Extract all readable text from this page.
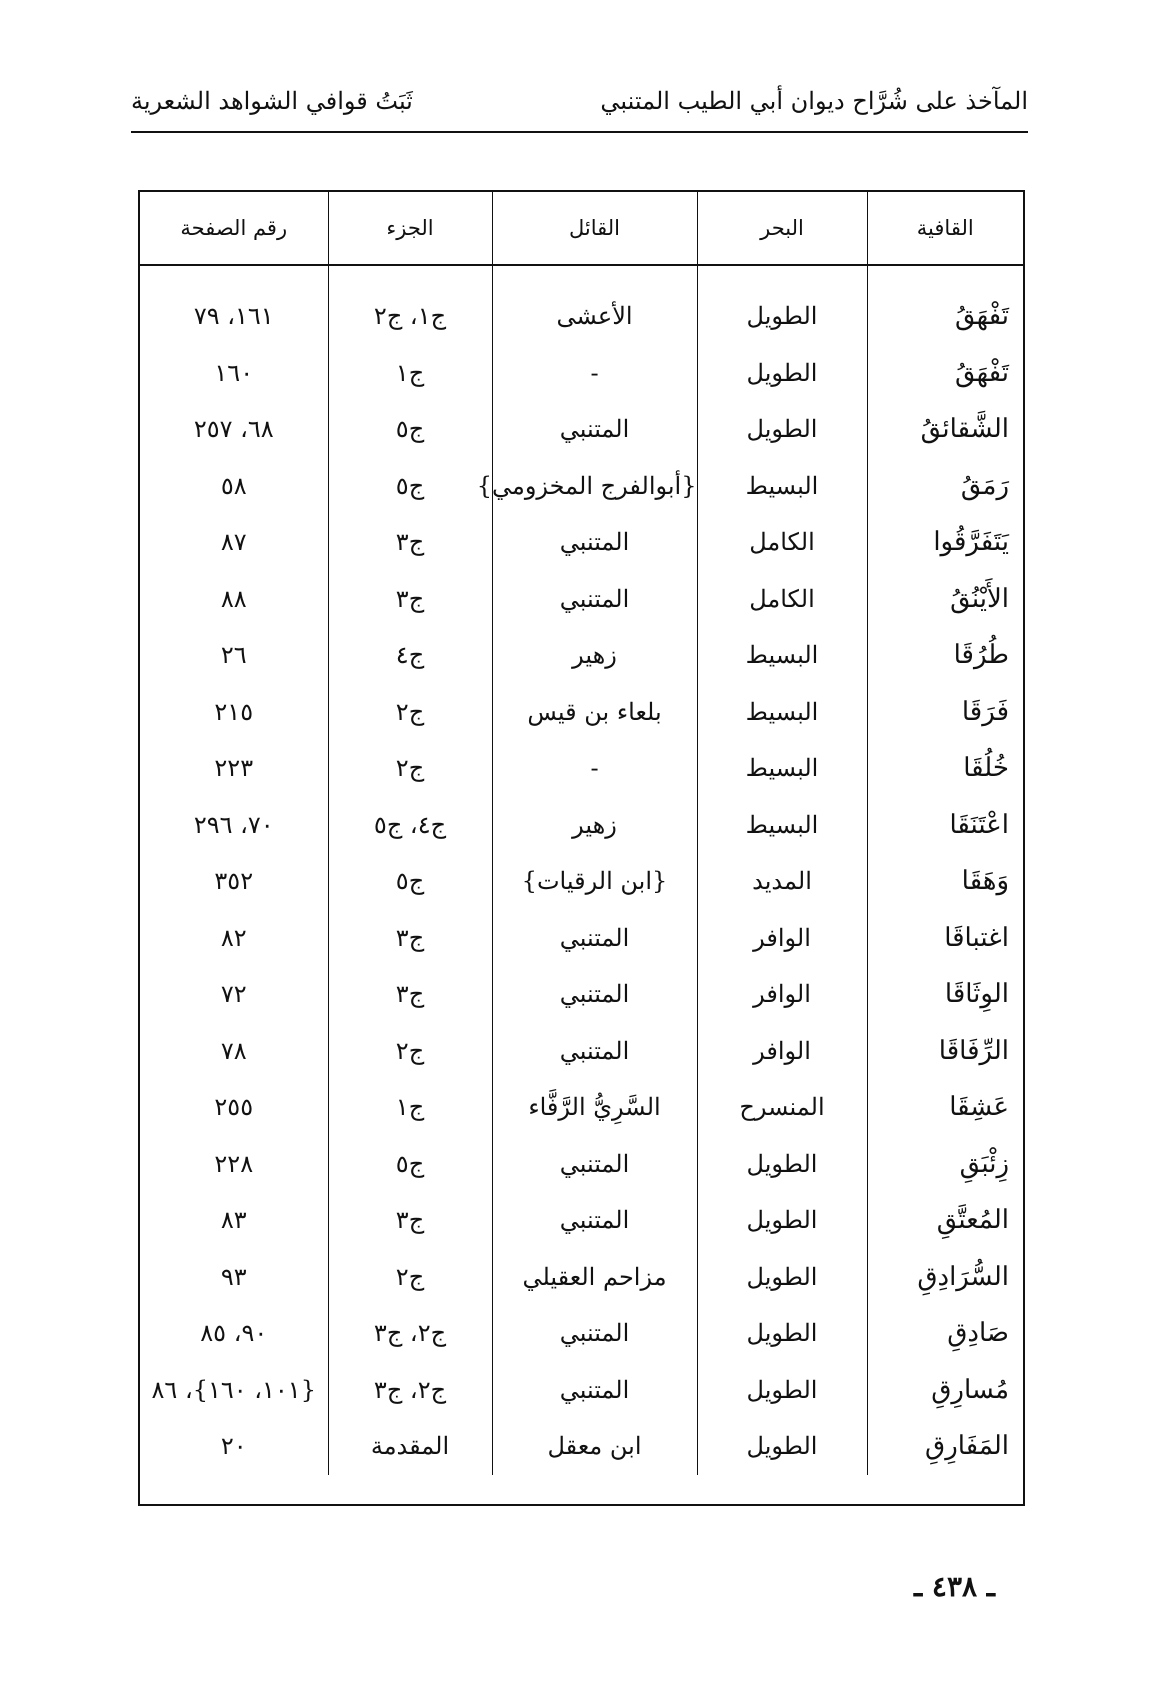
المآخذ على شُرَّاح ديوان أبي الطيب المتنبي
ثَبَتُ قوافي الشواهد الشعرية
القافية	البحر	القائل	الجزء	رقم الصفحة
تَفْهَقُ	الطويل	الأعشى	ج١، ج٢	١٦١، ٧٩
تَفْهَقُ	الطويل	-	ج١	١٦٠
الشَّقائقُ	الطويل	المتنبي	ج٥	٦٨، ٢٥٧
رَمَقُ	البسيط	{أبوالفرج المخزومي}	ج٥	٥٨
يَتَفَرَّقُوا	الكامل	المتنبي	ج٣	٨٧
الأَيْنُقُ	الكامل	المتنبي	ج٣	٨٨
طُرُقَا	البسيط	زهير	ج٤	٢٦
فَرَقَا	البسيط	بلعاء بن قيس	ج٢	٢١٥
خُلُقَا	البسيط	-	ج٢	٢٢٣
اعْتَنَقَا	البسيط	زهير	ج٤، ج٥	٧٠، ٢٩٦
وَهَقَا	المديد	{ابن الرقيات}	ج٥	٣٥٢
اغتباقَا	الوافر	المتنبي	ج٣	٨٢
الوِثَاقَا	الوافر	المتنبي	ج٣	٧٢
الرِّفَاقَا	الوافر	المتنبي	ج٢	٧٨
عَشِقَا	المنسرح	السَّرِيُّ الرَّفَّاء	ج١	٢٥٥
زِئْبَقِ	الطويل	المتنبي	ج٥	٢٢٨
المُعتَّقِ	الطويل	المتنبي	ج٣	٨٣
السُّرَادِقِ	الطويل	مزاحم العقيلي	ج٢	٩٣
صَادِقِ	الطويل	المتنبي	ج٢، ج٣	٩٠، ٨٥
مُسارِقِ	الطويل	المتنبي	ج٢، ج٣	{١٠١، ١٦٠}، ٨٦
المَفَارِقِ	الطويل	ابن معقل	المقدمة	٢٠
ـ ٤٣٨ ـ
